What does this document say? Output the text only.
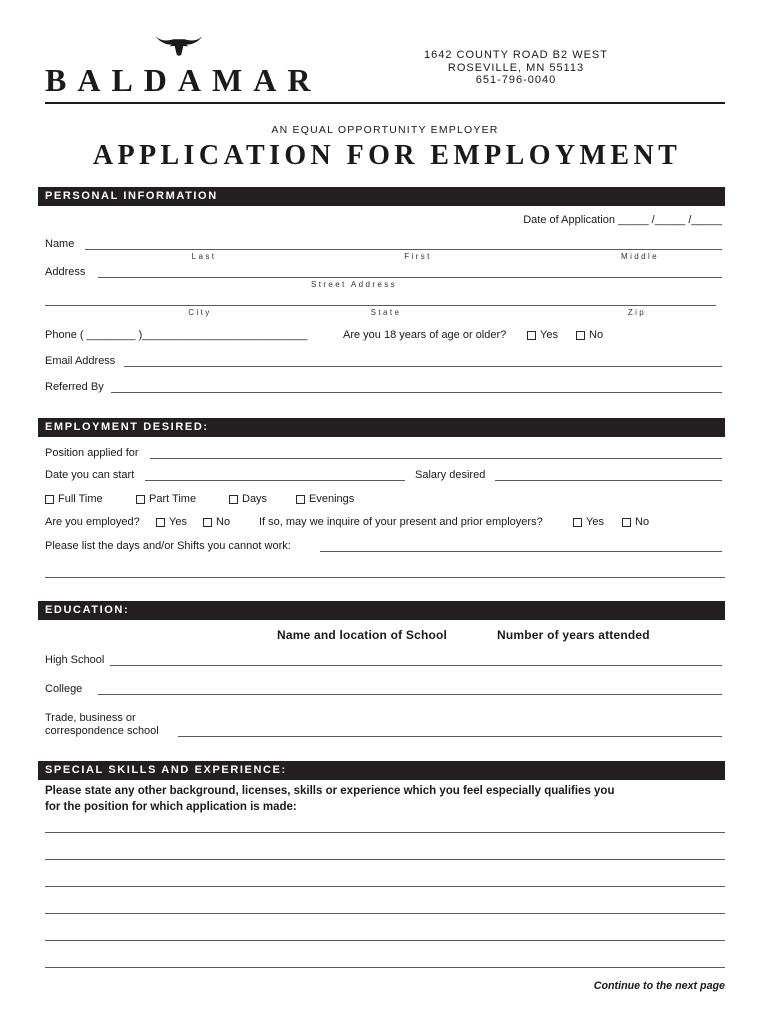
BALDAMAR
1642 COUNTY ROAD B2 WEST
ROSEVILLE, MN 55113
651-796-0040
AN EQUAL OPPORTUNITY EMPLOYER
APPLICATION FOR EMPLOYMENT
PERSONAL INFORMATION
Date of Application _____ /_____ /_____
Name
Last	First	Middle
Address
Street Address
City	State	Zip
Phone ( ________ )___________________________	Are you 18 years of age or older?	Yes	No
Email Address
Referred By
EMPLOYMENT DESIRED:
Position applied for
Date you can start	Salary desired
Full Time	Part Time	Days	Evenings
Are you employed?	Yes	No	If so, may we inquire of your present and prior employers?	Yes	No
Please list the days and/or Shifts you cannot work:
EDUCATION:
Name and location of School	Number of years attended
High School
College
Trade, business or
correspondence school
SPECIAL SKILLS AND EXPERIENCE:
Please state any other background, licenses, skills or experience which you feel especially qualifies you
for the position for which application is made:
Continue to the next page
